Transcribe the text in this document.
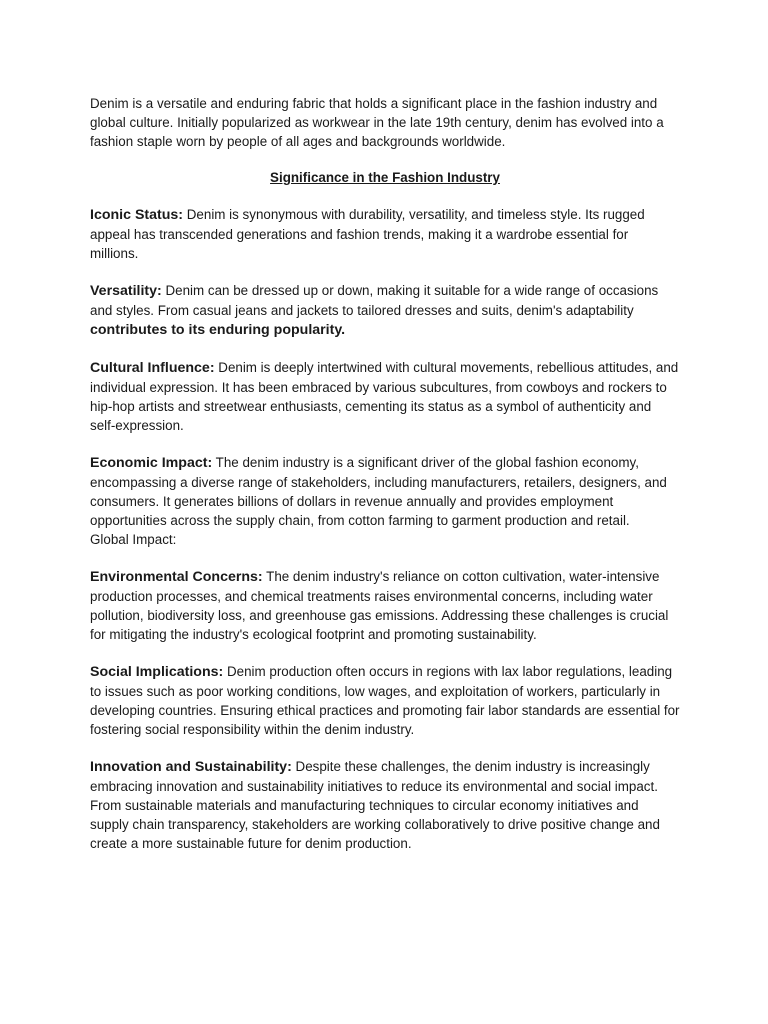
Denim is a versatile and enduring fabric that holds a significant place in the fashion industry and global culture. Initially popularized as workwear in the late 19th century, denim has evolved into a fashion staple worn by people of all ages and backgrounds worldwide.

Significance in the Fashion Industry
Iconic Status: Denim is synonymous with durability, versatility, and timeless style. Its rugged appeal has transcended generations and fashion trends, making it a wardrobe essential for millions.
Versatility: Denim can be dressed up or down, making it suitable for a wide range of occasions and styles. From casual jeans and jackets to tailored dresses and suits, denim's adaptability contributes to its enduring popularity.
Cultural Influence: Denim is deeply intertwined with cultural movements, rebellious attitudes, and individual expression. It has been embraced by various subcultures, from cowboys and rockers to hip-hop artists and streetwear enthusiasts, cementing its status as a symbol of authenticity and self-expression.
Economic Impact: The denim industry is a significant driver of the global fashion economy, encompassing a diverse range of stakeholders, including manufacturers, retailers, designers, and consumers. It generates billions of dollars in revenue annually and provides employment opportunities across the supply chain, from cotton farming to garment production and retail.
Global Impact:
Environmental Concerns: The denim industry's reliance on cotton cultivation, water-intensive production processes, and chemical treatments raises environmental concerns, including water pollution, biodiversity loss, and greenhouse gas emissions. Addressing these challenges is crucial for mitigating the industry's ecological footprint and promoting sustainability.
Social Implications: Denim production often occurs in regions with lax labor regulations, leading to issues such as poor working conditions, low wages, and exploitation of workers, particularly in developing countries. Ensuring ethical practices and promoting fair labor standards are essential for fostering social responsibility within the denim industry.
Innovation and Sustainability: Despite these challenges, the denim industry is increasingly embracing innovation and sustainability initiatives to reduce its environmental and social impact. From sustainable materials and manufacturing techniques to circular economy initiatives and supply chain transparency, stakeholders are working collaboratively to drive positive change and create a more sustainable future for denim production.
